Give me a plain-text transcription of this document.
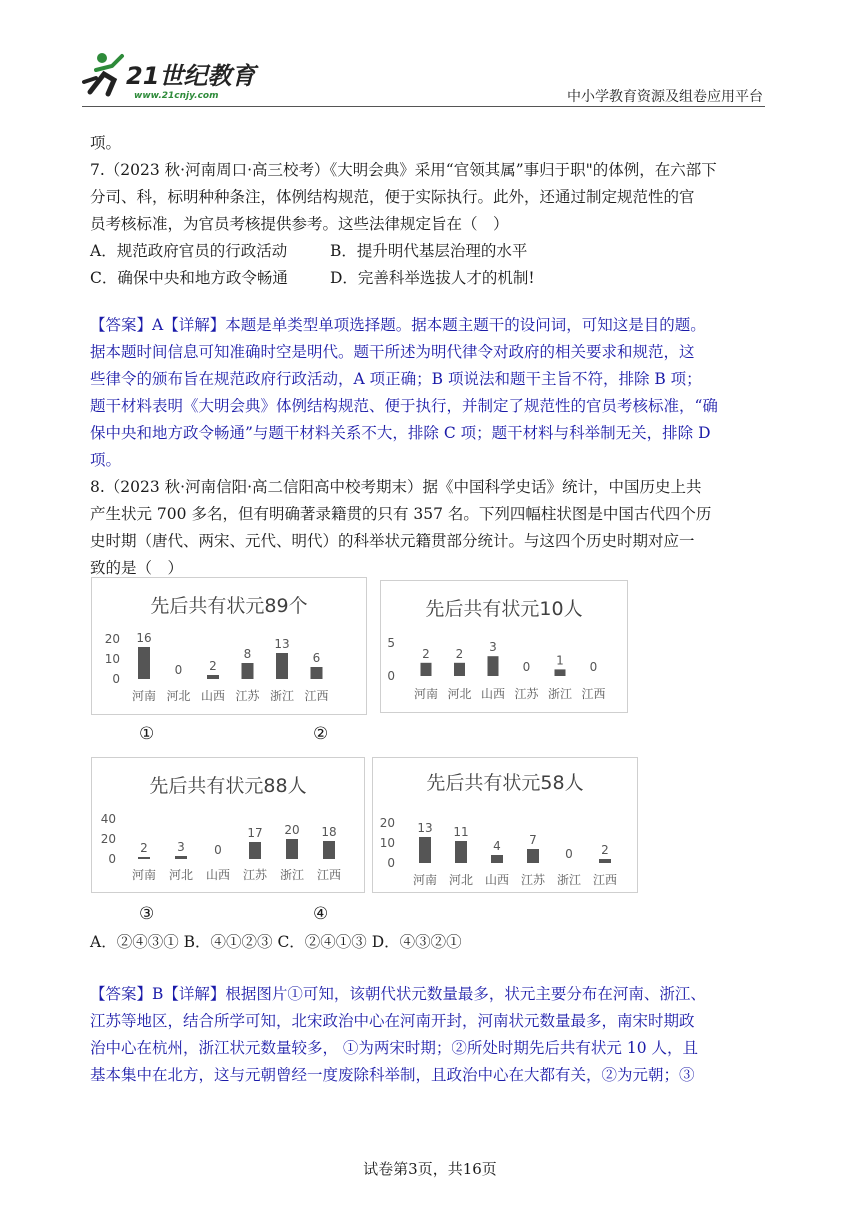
21世纪教育
www.21cnjy.com	中小学教育资源及组卷应用平台
项。
7.（2023 秋·河南周口·高三校考）《大明会典》采用“官领其属”事归于职"的体例，在六部下
分司、科，标明种种条注，体例结构规范，便于实际执行。此外，还通过制定规范性的官
员考核标准，为官员考核提供参考。这些法律规定旨在（　）
A．规范政府官员的行政活动	B．提升明代基层治理的水平
C．确保中央和地方政令畅通	D．完善科举选拔人才的机制!
【答案】A【详解】本题是单类型单项选择题。据本题主题干的设问词，可知这是目的题。
据本题时间信息可知准确时空是明代。题干所述为明代律令对政府的相关要求和规范，这
些律令的颁布旨在规范政府行政活动，A 项正确；B 项说法和题干主旨不符，排除 B 项；
题干材料表明《大明会典》体例结构规范、便于执行，并制定了规范性的官员考核标准，“确
保中央和地方政令畅通”与题干材料关系不大，排除 C 项；题干材料与科举制无关，排除 D
项。
8.（2023 秋·河南信阳·高二信阳高中校考期末）据《中国科学史话》统计，中国历史上共
产生状元 700 多名，但有明确著录籍贯的只有 357 名。下列四幅柱状图是中国古代四个历
史时期（唐代、两宋、元代、明代）的科举状元籍贯部分统计。与这四个历史时期对应一
致的是（　）
先后共有状元89个
0
10
20 16
河南
0
河北
2
山西
8
江苏
13
浙江
6
江西
先后共有状元10人
0
5
2
河南
2
河北
3
山西
0
江苏
1
浙江
0
江西
先后共有状元88人
0
20
40
2
河南
3
河北
0
山西
17
江苏
20
浙江
18
江西
先后共有状元58人
0
10
20 13
河南
11
河北
4
山西
7
江苏
0
浙江
2
江西
①	②
③	④
A．②④③① B．④①②③ C．②④①③ D．④③②①
【答案】B【详解】根据图片①可知，该朝代状元数量最多，状元主要分布在河南、浙江、
江苏等地区，结合所学可知，北宋政治中心在河南开封，河南状元数量最多，南宋时期政
治中心在杭州，浙江状元数量较多， ①为两宋时期；②所处时期先后共有状元 10 人，且
基本集中在北方，这与元朝曾经一度废除科举制，且政治中心在大都有关，②为元朝；③
试卷第3页，共16页
